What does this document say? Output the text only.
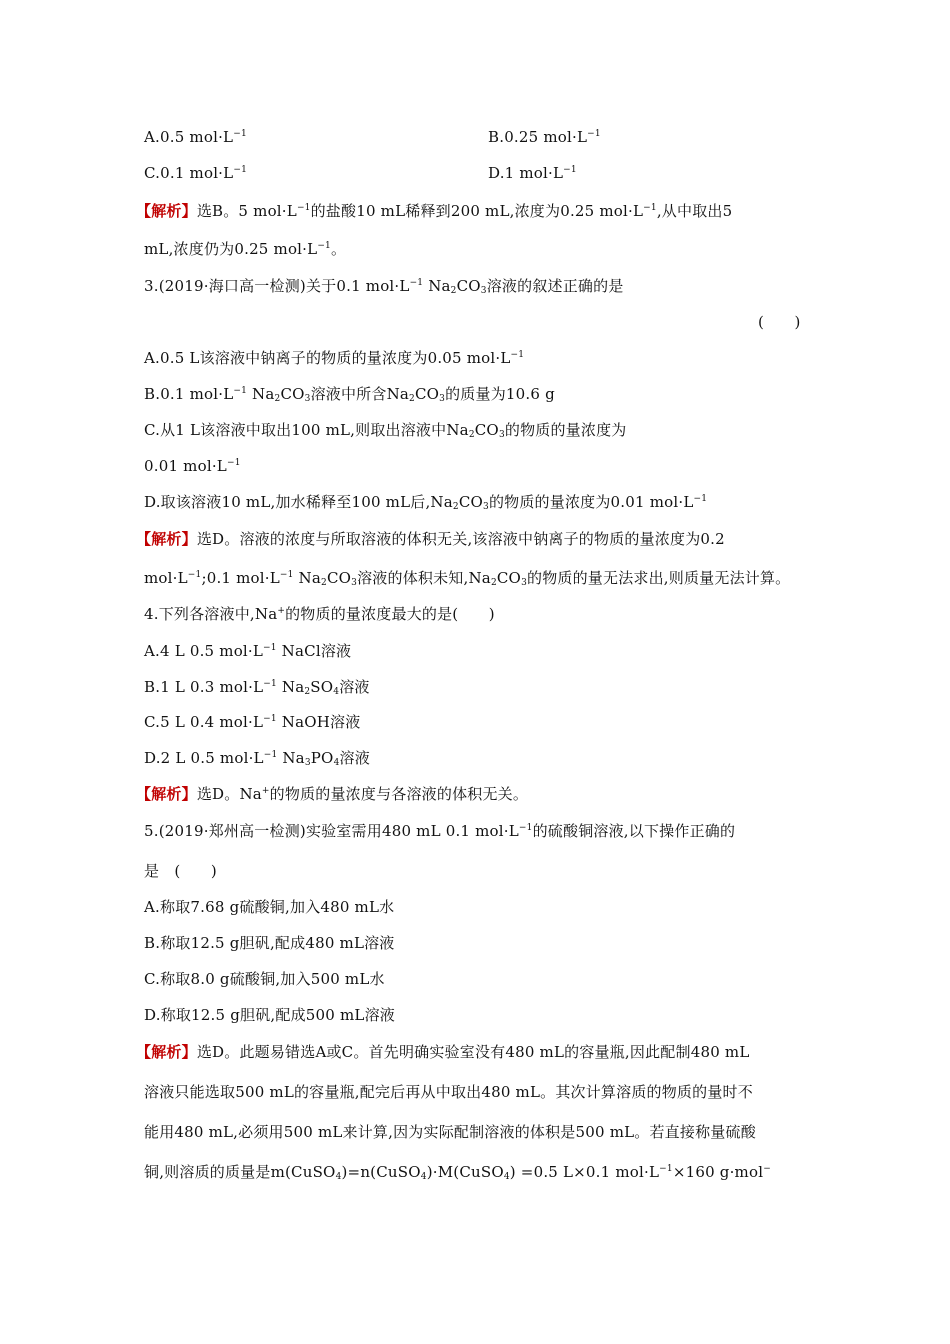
A.0.5 $mol\cdot L^{-1}$	B.0.25 $mol\cdot L^{-1}$
C.0.1 $mol\cdot L^{-1}$	D.1 $mol\cdot L^{-1}$
【解析】选B。5 $mol\cdot L^{-1}$的盐酸10 mL稀释到200 mL,浓度为0.25 $mol\cdot L^{-1}$,从中取出5
mL,浓度仍为0.25 $mol\cdot L^{-1}$。
3.(2019·海口高一检测)关于0.1 $mol\cdot L^{-1}$ $Na_2CO_3$溶液的叙述正确的是
(　　)
A.0.5 L该溶液中钠离子的物质的量浓度为0.05 $mol\cdot L^{-1}$
B.0.1 $mol\cdot L^{-1}$ $Na_2CO_3$溶液中所含$Na_2CO_3$的质量为10.6 g
C.从1 L该溶液中取出100 mL,则取出溶液中$Na_2CO_3$的物质的量浓度为
0.01 $mol\cdot L^{-1}$
D.取该溶液10 mL,加水稀释至100 mL后$,Na_2CO_3$的物质的量浓度为0.01 $mol\cdot L^{-1}$
【解析】选D。溶液的浓度与所取溶液的体积无关,该溶液中钠离子的物质的量浓度为0.2
$mol\cdot L^{-1};0.1$ $mol\cdot L^{-1}$ $Na_2CO_3$溶液的体积未知$,Na_2CO_3$的物质的量无法求出,则质量无法计算。
4.下列各溶液中,Na+的物质的量浓度最大的是(　　)
A.4 L 0.5 $mol\cdot L^{-1}$ NaCl溶液
B.1 L 0.3 $mol\cdot L^{-1}$ $Na_2SO_4$溶液
C.5 L 0.4 $mol\cdot L^{-1}$ NaOH溶液
D.2 L 0.5 $mol\cdot L^{-1}$ $Na_3PO_4$溶液
【解析】选D。Na+的物质的量浓度与各溶液的体积无关。
5.(2019·郑州高一检测)实验室需用480 mL 0.1 $mol\cdot L^{-1}$的硫酸铜溶液,以下操作正确的
是　(　　)
A.称取7.68 g硫酸铜,加入480 mL水
B.称取12.5 g胆矾,配成480 mL溶液
C.称取8.0 g硫酸铜,加入500 mL水
D.称取12.5 g胆矾,配成500 mL溶液
【解析】选D。此题易错选A或C。首先明确实验室没有480 mL的容量瓶,因此配制480 mL
溶液只能选取500 mL的容量瓶,配完后再从中取出480 mL。其次计算溶质的物质的量时不
能用480 mL,必须用500 mL来计算,因为实际配制溶液的体积是500 mL。若直接称量硫酸
铜,则溶质的质量是m(CuSO$_4$)=n(CuSO$_4$)·M(CuSO$_4$) =0.5 L×0.1 $mol\cdot L^{-1}\times 160$ g·mol−
